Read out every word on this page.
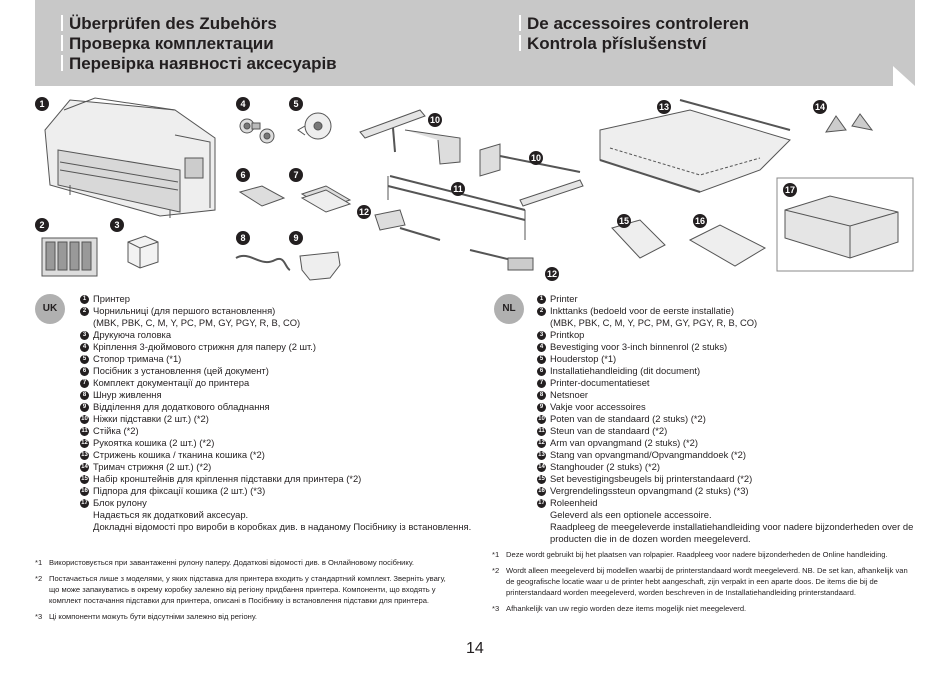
Überprüfen des Zubehörs
Проверка комплектации
Перевірка наявності аксесуарів
De accessoires controleren
Kontrola příslušenství
1
2	3
4	5
6	7
8	9
10
10
11
12
12
13	14
15	16
17
UK
1 Принтер
2 Чорнильниці (для першого встановлення)
(MBK, PBK, C, M, Y, PC, PM, GY, PGY, R, B, CO)
3 Друкуюча головка
4 Кріплення 3-дюймового стрижня для паперу (2 шт.)
5 Стопор тримача (*1)
6 Посібник з установлення (цей документ)
7 Комплект документації до принтера
8 Шнур живлення
9 Відділення для додаткового обладнання
10 Ніжки підставки (2 шт.) (*2)
11 Стійка (*2)
12 Рукоятка кошика (2 шт.) (*2)
13 Стрижень кошика / тканина кошика (*2)
14 Тримач стрижня (2 шт.) (*2)
15 Набір кронштейнів для кріплення підставки для принтера (*2)
16 Підпора для фіксації кошика (2 шт.) (*3)
17 Блок рулону
Надається як додатковий аксесуар.
Докладні відомості про вироби в коробках див. в наданому Посібнику із встановлення.
*1 Використовується при завантаженні рулону паперу. Додаткові відомості див. в Онлайновому посібнику.
*2 Постачається лише з моделями, у яких підставка для принтера входить у стандартний комплект. Зверніть увагу, що може запакуватись в окрему коробку залежно від регіону придбання принтера. Компоненти, що входять у комплект постачання підставки для принтера, описані в Посібнику із встановлення підставки для принтера.
*3 Ці компоненти можуть бути відсутніми залежно від регіону.
NL
1 Printer
2 Inkttanks (bedoeld voor de eerste installatie)
(MBK, PBK, C, M, Y, PC, PM, GY, PGY, R, B, CO)
3 Printkop
4 Bevestiging voor 3-inch binnenrol (2 stuks)
5 Houderstop (*1)
6 Installatiehandleiding (dit document)
7 Printer-documentatieset
8 Netsnoer
9 Vakje voor accessoires
10 Poten van de standaard (2 stuks) (*2)
11 Steun van de standaard (*2)
12 Arm van opvangmand (2 stuks) (*2)
13 Stang van opvangmand/Opvangmanddoek (*2)
14 Stanghouder (2 stuks) (*2)
15 Set bevestigingsbeugels bij printerstandaard (*2)
16 Vergrendelingssteun opvangmand (2 stuks) (*3)
17 Roleenheid
Geleverd als een optionele accessoire.
Raadpleeg de meegeleverde installatiehandleiding voor nadere bijzonderheden over de producten die in de dozen worden meegeleverd.
*1 Deze wordt gebruikt bij het plaatsen van rolpapier. Raadpleeg voor nadere bijzonderheden de Online handleiding.
*2 Wordt alleen meegeleverd bij modellen waarbij de printerstandaard wordt meegeleverd. NB. De set kan, afhankelijk van de geografische locatie waar u de printer hebt aangeschaft, zijn verpakt in een aparte doos. De items die bij de printerstandaard worden meegeleverd, worden beschreven in de Installatiehandleiding printerstandaard.
*3 Afhankelijk van uw regio worden deze items mogelijk niet meegeleverd.
14
